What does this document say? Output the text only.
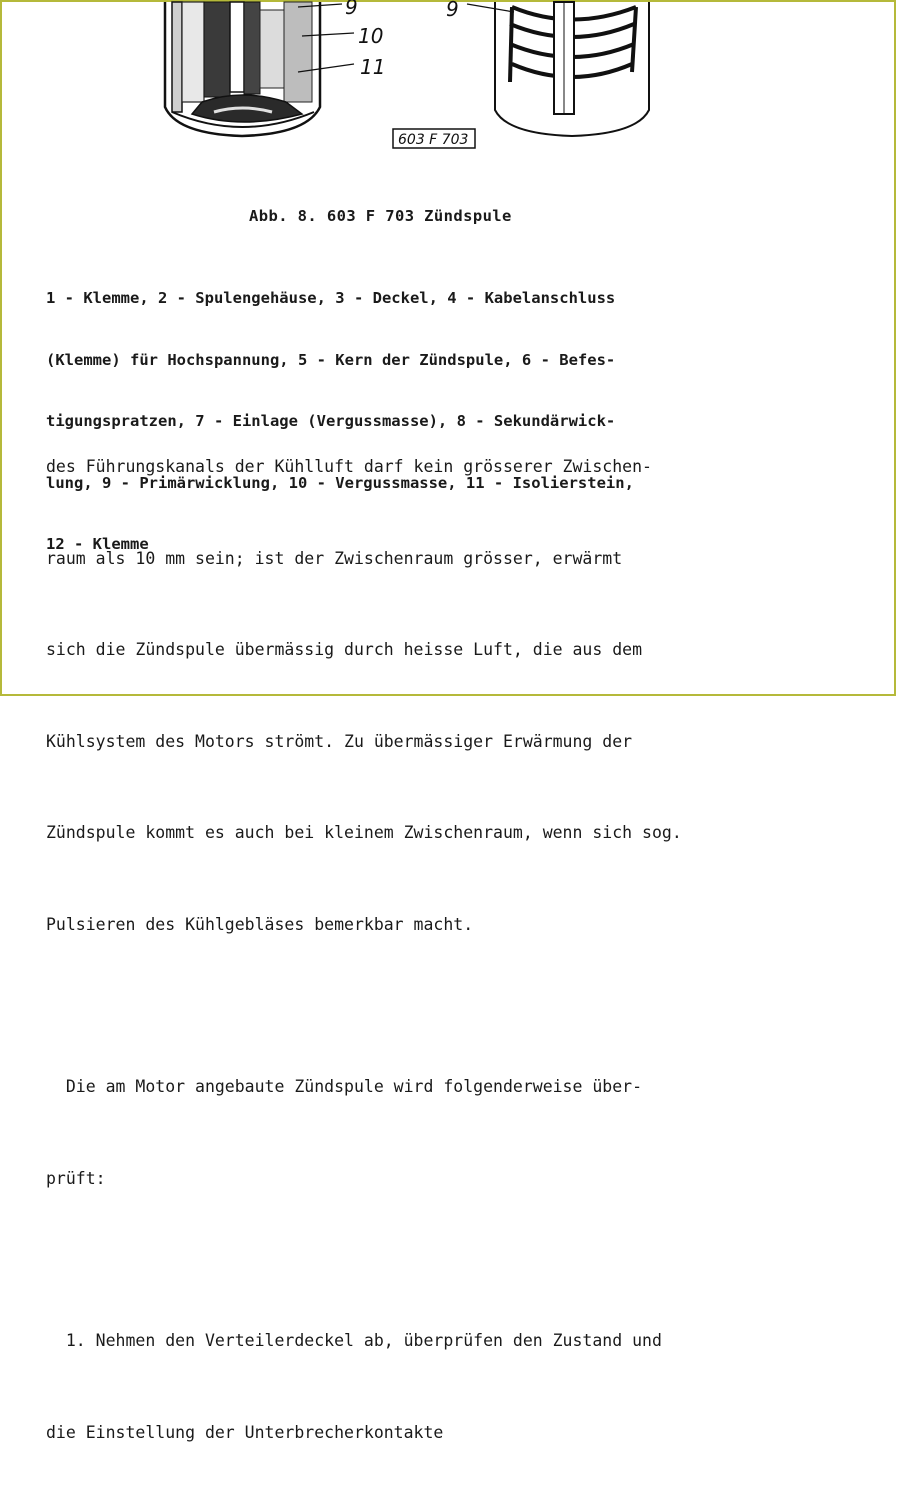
9
10
11
9
603 F 703
Abb. 8. 603 F 703 Zündspule

1 - Klemme, 2 - Spulengehäuse, 3 - Deckel, 4 - Kabelanschluss

(Klemme) für Hochspannung, 5 - Kern der Zündspule, 6 - Befes-

tigungspratzen, 7 - Einlage (Vergussmasse), 8 - Sekundärwick-

lung, 9 - Primärwicklung, 10 - Vergussmasse, 11 - Isolierstein,

12 - Klemme

des Führungskanals der Kühlluft darf kein grösserer Zwischen-

raum als 10 mm sein; ist der Zwischenraum grösser, erwärmt

sich die Zündspule übermässig durch heisse Luft, die aus dem

Kühlsystem des Motors strömt. Zu übermässiger Erwärmung der

Zündspule kommt es auch bei kleinem Zwischenraum, wenn sich sog.

Pulsieren des Kühlgebläses bemerkbar macht.

Die am Motor angebaute Zündspule wird folgenderweise über-

prüft:

1. Nehmen den Verteilerdeckel ab, überprüfen den Zustand und

die Einstellung der Unterbrecherkontakte
